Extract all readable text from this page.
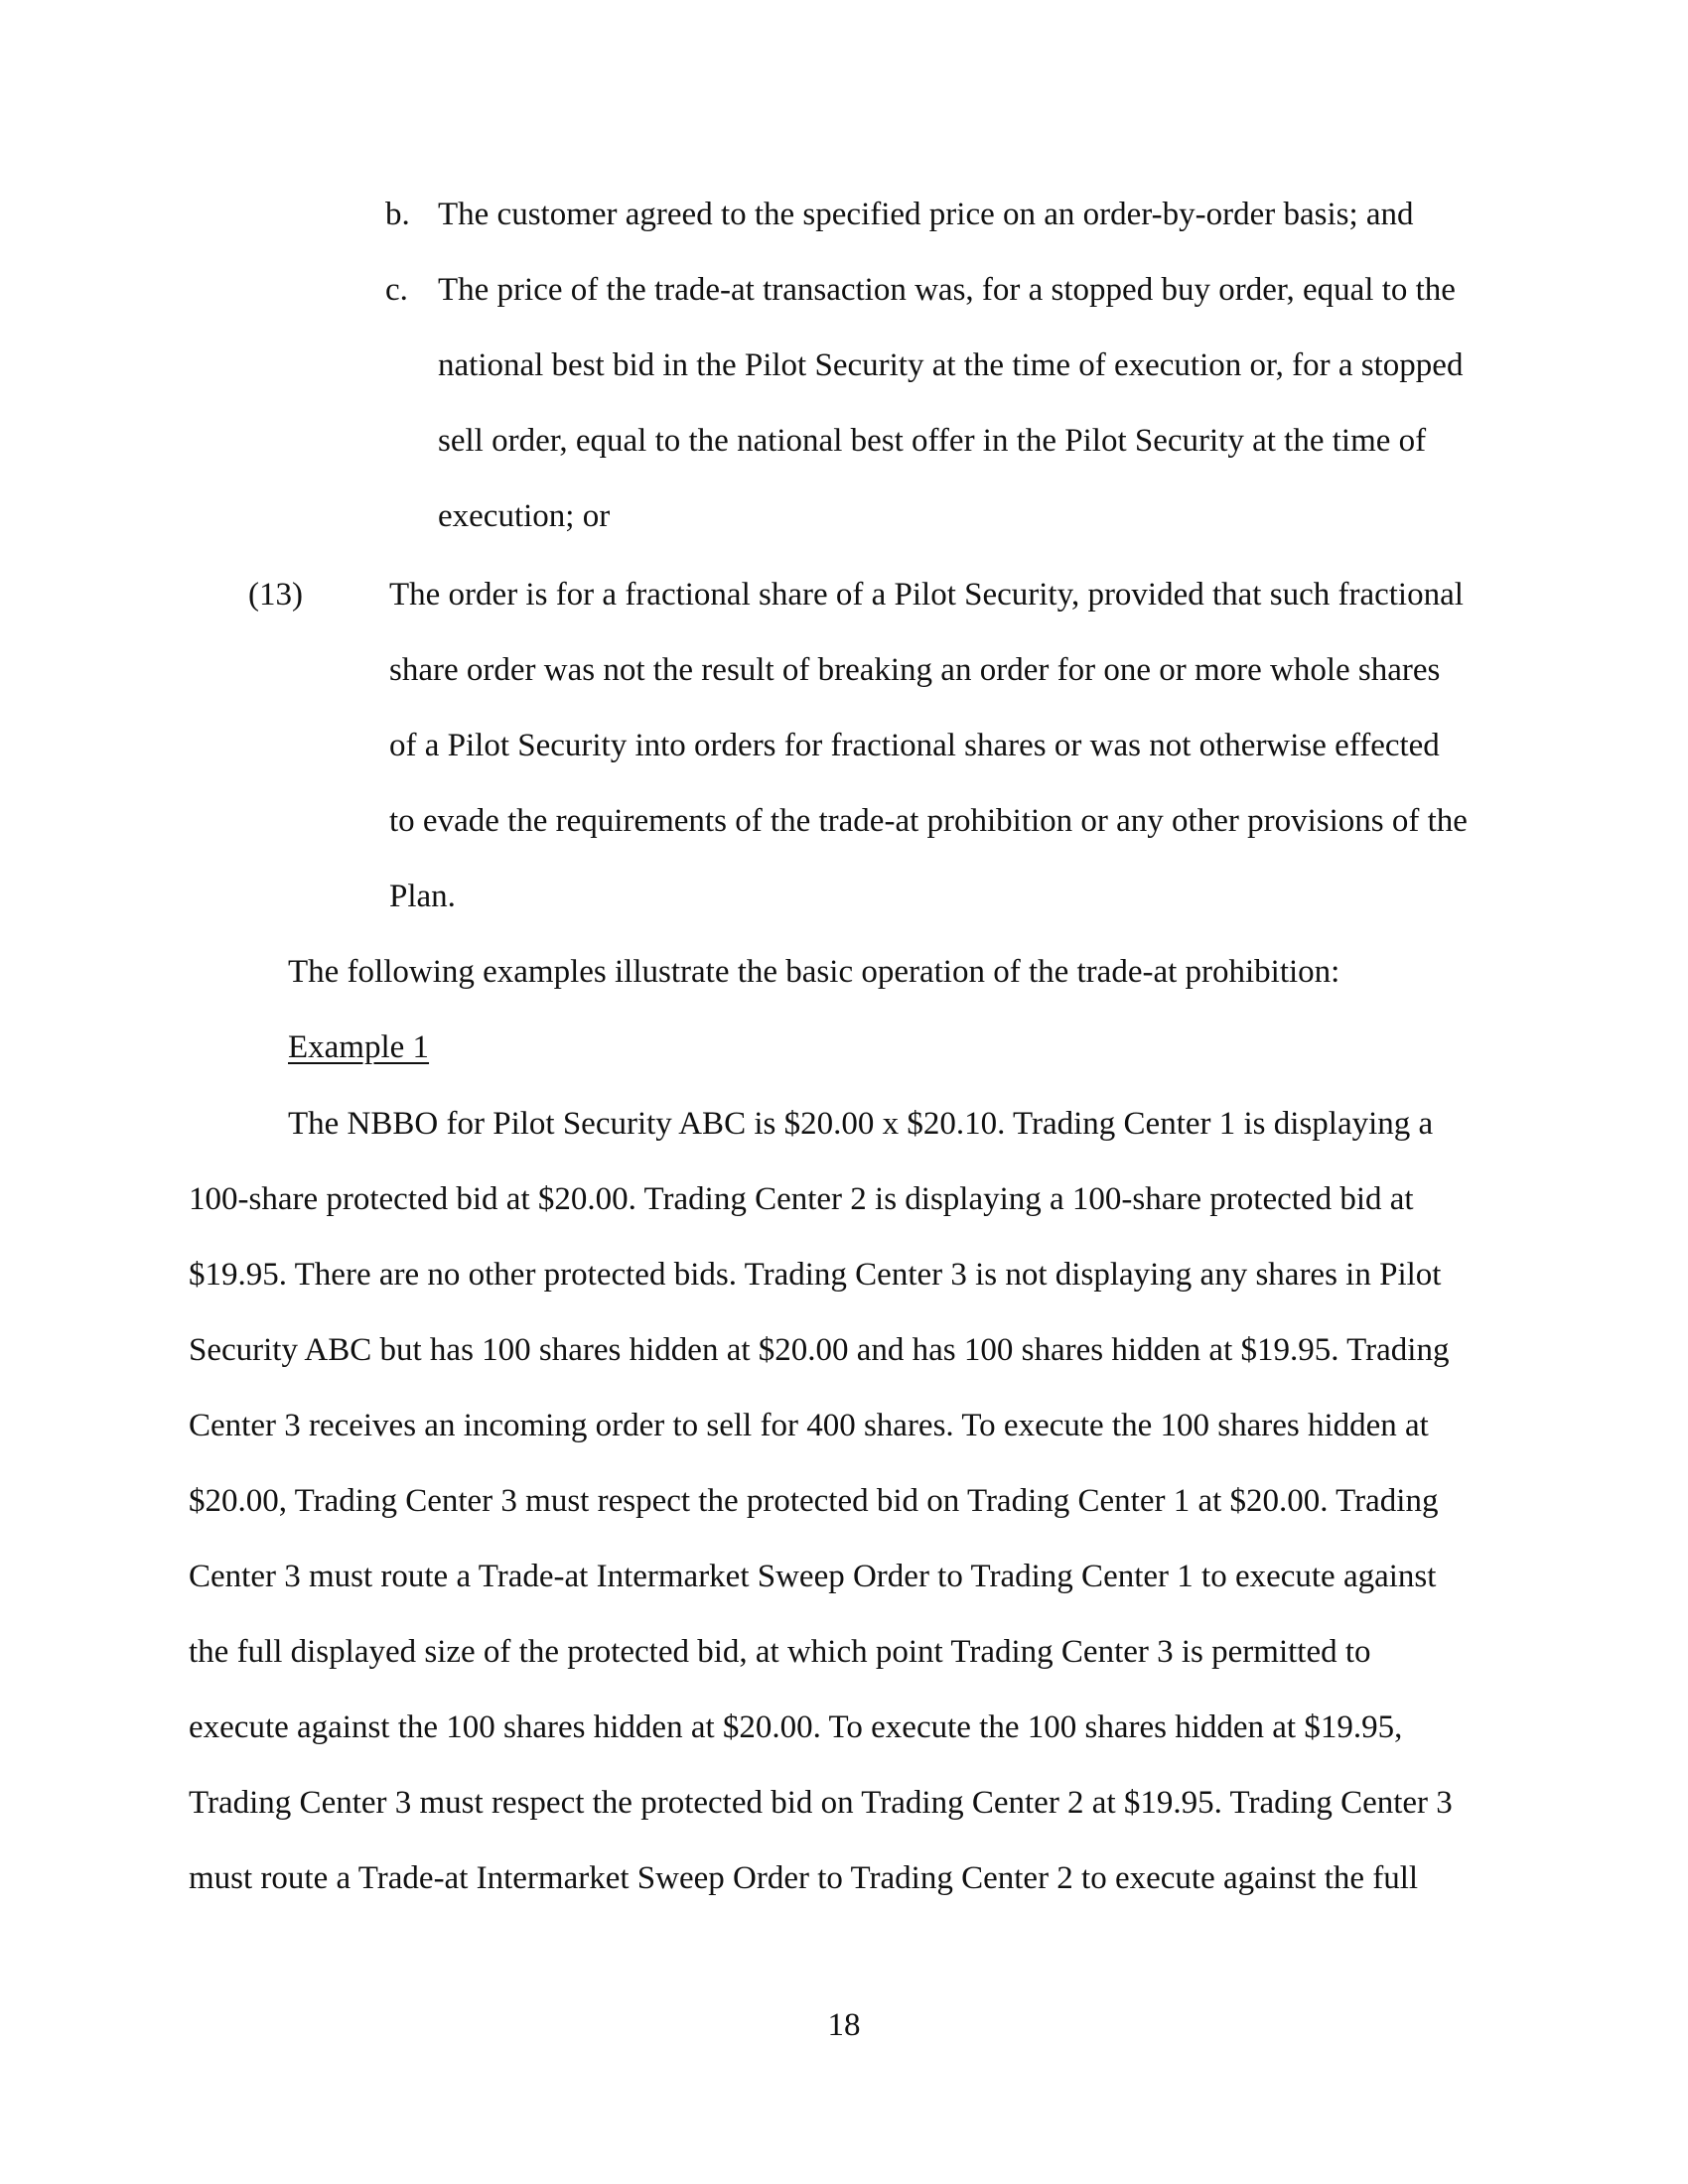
b. The customer agreed to the specified price on an order-by-order basis; and
c. The price of the trade-at transaction was, for a stopped buy order, equal to the
national best bid in the Pilot Security at the time of execution or, for a stopped
sell order, equal to the national best offer in the Pilot Security at the time of
execution; or
(13)	The order is for a fractional share of a Pilot Security, provided that such fractional
share order was not the result of breaking an order for one or more whole shares
of a Pilot Security into orders for fractional shares or was not otherwise effected
to evade the requirements of the trade-at prohibition or any other provisions of the
Plan.
The following examples illustrate the basic operation of the trade-at prohibition:
Example 1
The NBBO for Pilot Security ABC is $20.00 x $20.10. Trading Center 1 is displaying a
100-share protected bid at $20.00. Trading Center 2 is displaying a 100-share protected bid at
$19.95. There are no other protected bids. Trading Center 3 is not displaying any shares in Pilot
Security ABC but has 100 shares hidden at $20.00 and has 100 shares hidden at $19.95. Trading
Center 3 receives an incoming order to sell for 400 shares. To execute the 100 shares hidden at
$20.00, Trading Center 3 must respect the protected bid on Trading Center 1 at $20.00. Trading
Center 3 must route a Trade-at Intermarket Sweep Order to Trading Center 1 to execute against
the full displayed size of the protected bid, at which point Trading Center 3 is permitted to
execute against the 100 shares hidden at $20.00. To execute the 100 shares hidden at $19.95,
Trading Center 3 must respect the protected bid on Trading Center 2 at $19.95. Trading Center 3
must route a Trade-at Intermarket Sweep Order to Trading Center 2 to execute against the full
18
